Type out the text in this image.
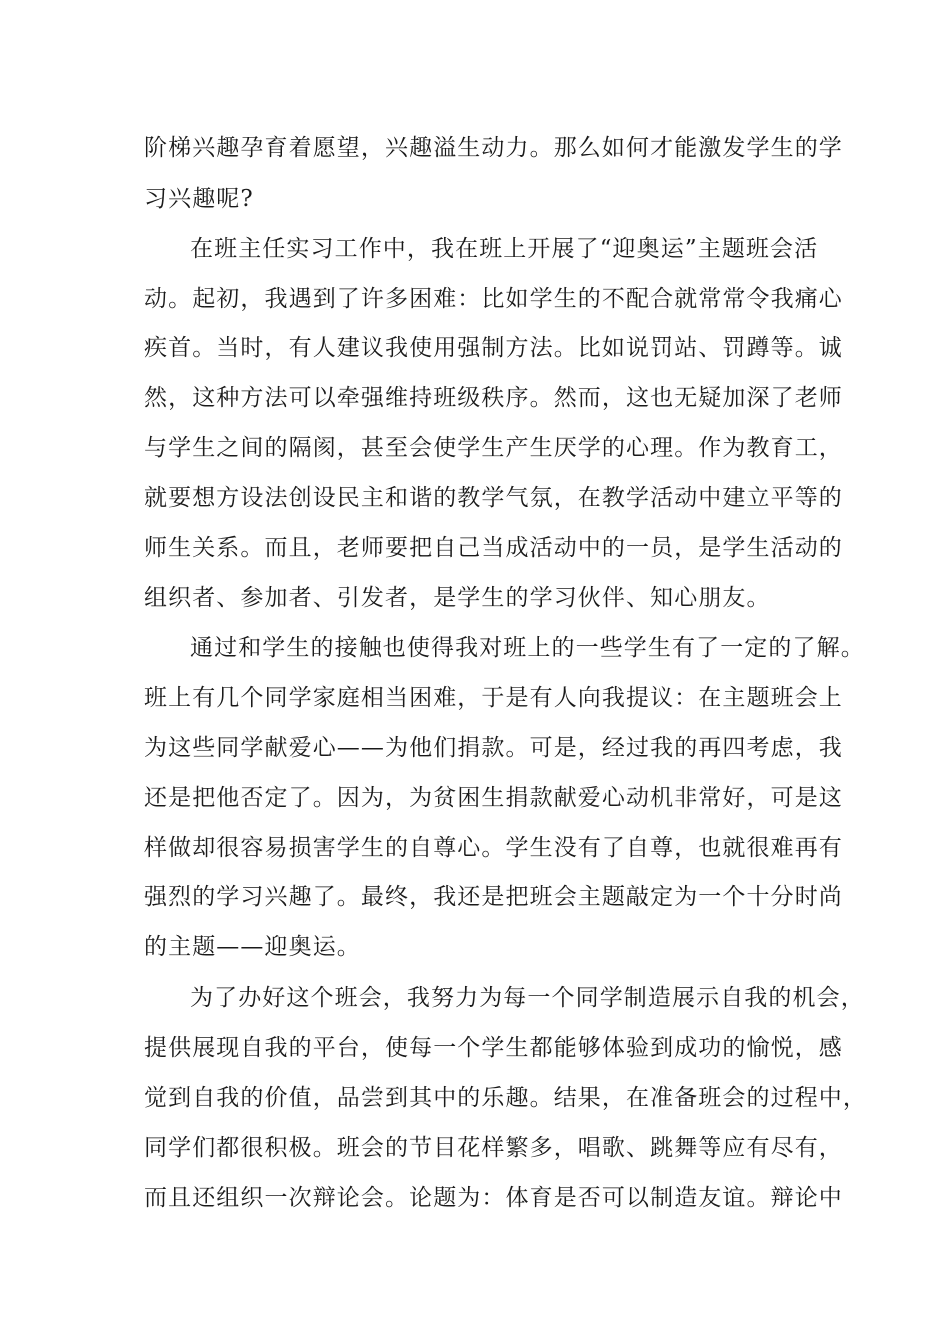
阶梯兴趣孕育着愿望，兴趣溢生动力。那么如何才能激发学生的学

习兴趣呢?

在班主任实习工作中，我在班上开展了“迎奥运”主题班会活

动。起初，我遇到了许多困难：比如学生的不配合就常常令我痛心

疾首。当时，有人建议我使用强制方法。比如说罚站、罚蹲等。诚

然，这种方法可以牵强维持班级秩序。然而，这也无疑加深了老师

与学生之间的隔阂，甚至会使学生产生厌学的心理。作为教育工，

就要想方设法创设民主和谐的教学气氛，在教学活动中建立平等的

师生关系。而且，老师要把自己当成活动中的一员，是学生活动的

组织者、参加者、引发者，是学生的学习伙伴、知心朋友。

通过和学生的接触也使得我对班上的一些学生有了一定的了解。

班上有几个同学家庭相当困难，于是有人向我提议：在主题班会上

为这些同学献爱心——为他们捐款。可是，经过我的再四考虑，我

还是把他否定了。因为，为贫困生捐款献爱心动机非常好，可是这

样做却很容易损害学生的自尊心。学生没有了自尊，也就很难再有

强烈的学习兴趣了。最终，我还是把班会主题敲定为一个十分时尚

的主题——迎奥运。

为了办好这个班会，我努力为每一个同学制造展示自我的机会，

提供展现自我的平台，使每一个学生都能够体验到成功的愉悦，感

觉到自我的价值，品尝到其中的乐趣。结果，在准备班会的过程中，

同学们都很积极。班会的节目花样繁多，唱歌、跳舞等应有尽有，

而且还组织一次辩论会。论题为：体育是否可以制造友谊。辩论中
